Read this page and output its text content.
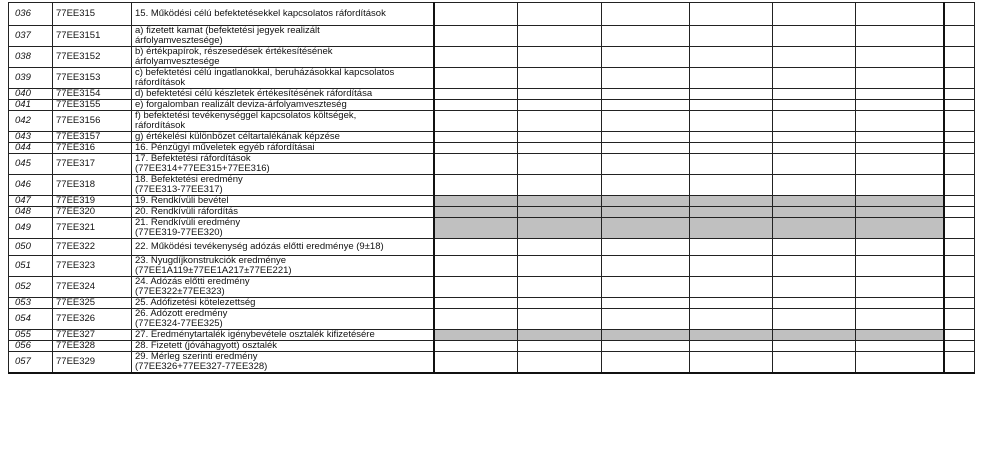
036	77EE315	15. Működési célú befektetésekkel kapcsolatos ráfordítások							

037	77EE3151	a) fizetett kamat (befektetési jegyek realizált
árfolyamvesztesége)							

038	77EE3152	b) értékpapírok, részesedések értékesítésének
árfolyamvesztesége							

039	77EE3153	c) befektetési célú ingatlanokkal, beruházásokkal kapcsolatos
ráfordítások							

040	77EE3154	d) befektetési célú készletek értékesítésének ráfordítása							

041	77EE3155	e) forgalomban realizált deviza-árfolyamveszteség							

042	77EE3156	f) befektetési tevékenységgel kapcsolatos költségek,
ráfordítások							

043	77EE3157	g) értékelési különbözet céltartalékának képzése							

044	77EE316	16. Pénzügyi műveletek egyéb ráfordításai							

045	77EE317	17. Befektetési ráfordítások
(77EE314+77EE315+77EE316)							

046	77EE318	18. Befektetési eredmény
(77EE313-77EE317)							

047	77EE319	19. Rendkívüli bevétel							

048	77EE320	20. Rendkívüli ráfordítás							

049	77EE321	21. Rendkívüli eredmény
(77EE319-77EE320)							

050	77EE322	22. Működési tevékenység adózás előtti eredménye (9±18)							

051	77EE323	23. Nyugdíjkonstrukciók eredménye
(77EE1A119±77EE1A217±77EE221)							

052	77EE324	24. Adózás előtti eredmény
(77EE322±77EE323)							

053	77EE325	25. Adófizetési kötelezettség							

054	77EE326	26. Adózott eredmény
(77EE324-77EE325)							

055	77EE327	27. Eredménytartalék igénybevétele osztalék kifizetésére							

056	77EE328	28. Fizetett (jóváhagyott) osztalék							

057	77EE329	29. Mérleg szerinti eredmény
(77EE326+77EE327-77EE328)							
